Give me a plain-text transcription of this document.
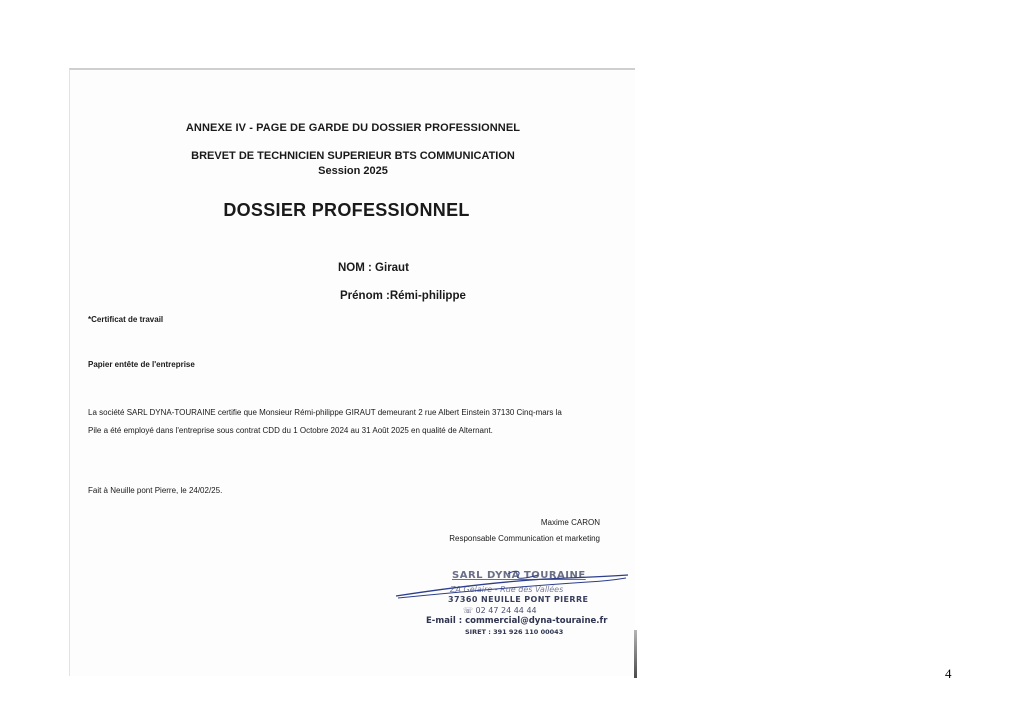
ANNEXE IV - PAGE DE GARDE DU DOSSIER PROFESSIONNEL
BREVET DE TECHNICIEN SUPERIEUR BTS COMMUNICATION
Session 2025
DOSSIER PROFESSIONNEL
NOM : Giraut
Prénom :Rémi-philippe
*Certificat de travail
Papier entête de l'entreprise
La société SARL DYNA-TOURAINE certifie que Monsieur Rémi-philippe GIRAUT demeurant 2 rue Albert Einstein 37130 Cinq-mars la
Pile a été employé dans l'entreprise sous contrat CDD du 1 Octobre 2024 au 31 Août 2025 en qualité de Alternant.
Fait à Neuille pont Pierre, le 24/02/25.
Maxime CARON
Responsable Communication et marketing
SARL DYNA TOURAINE
ZA Gelaire - Rue des Vallées
37360 NEUILLE PONT PIERRE
☏ 02 47 24 44 44
E-mail : commercial@dyna-touraine.fr
SIRET : 391 926 110 00043
4
